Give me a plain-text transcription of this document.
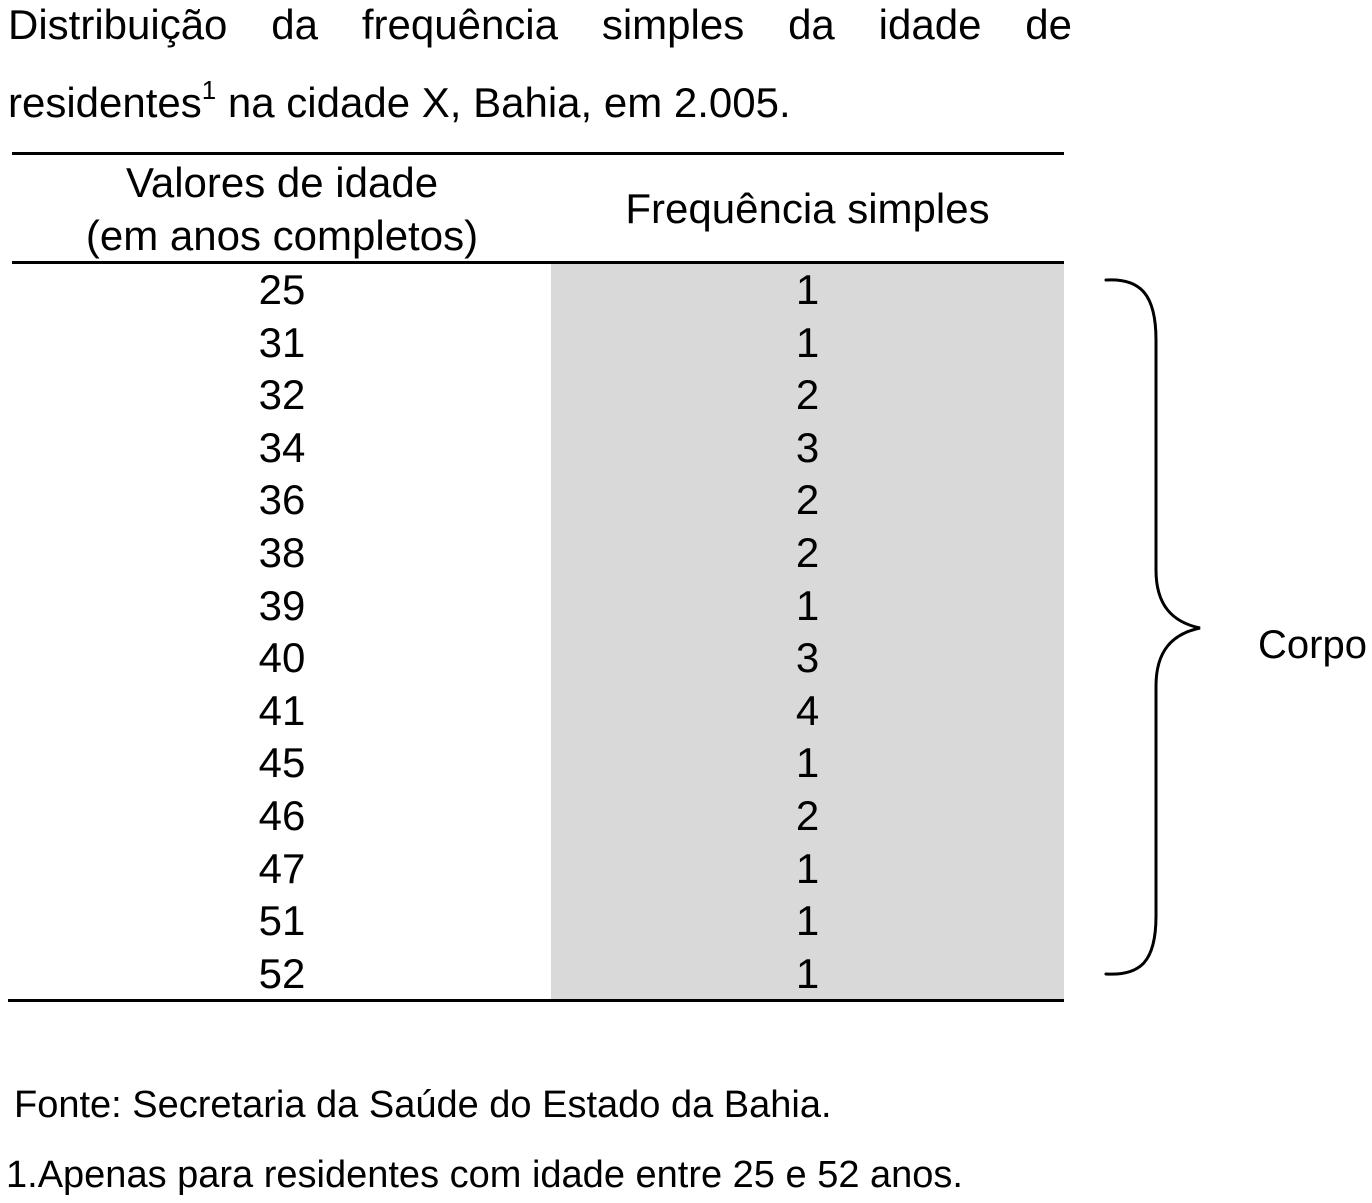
Distribuição da frequência simples da idade de
residentes$^1$ na cidade X, Bahia, em 2.005.
Valores de idade
(em anos completos)
Frequência simples
25	1
31	1
32	2
34	3
36	2
38	2
39	1
40	3
41	4
45	1
46	2
47	1
51	1
52	1
Corpo
Fonte: Secretaria da Saúde do Estado da Bahia.
1.Apenas para residentes com idade entre 25 e 52 anos.
